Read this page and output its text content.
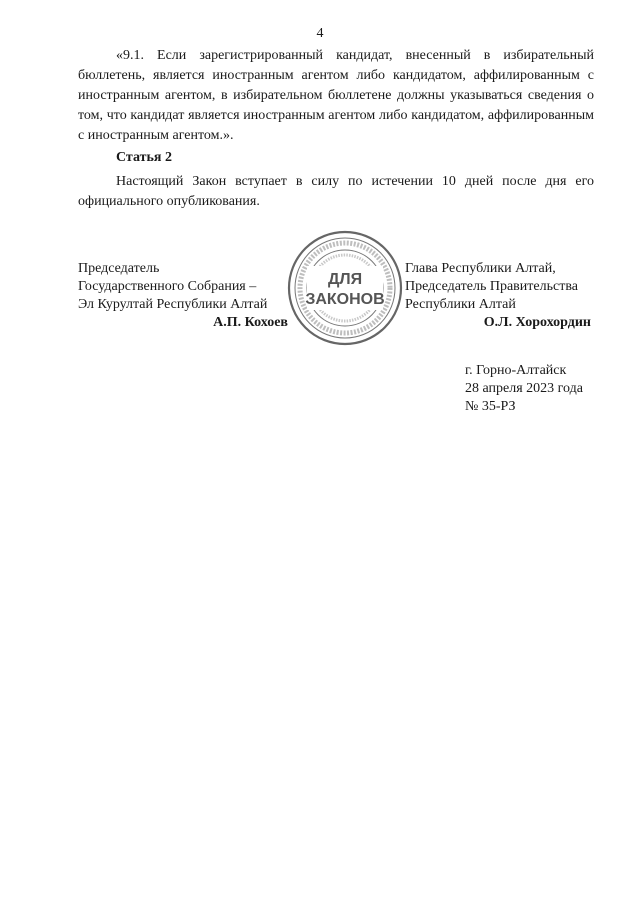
4

«9.1. Если зарегистрированный кандидат, внесенный в избирательный бюллетень, является иностранным агентом либо кандидатом, аффилированным с иностранным агентом, в избирательном бюллетене должны указываться сведения о том, что кандидат является иностранным агентом либо кандидатом, аффилированным с иностранным агентом.».

Статья 2

Настоящий Закон вступает в силу по истечении 10 дней после дня его официального опубликования.

Председатель
Государственного Собрания –
Эл Курултай Республики Алтай
А.П. Кохоев
ДЛЯ
ЗАКОНОВ
Глава Республики Алтай,
Председатель Правительства
Республики Алтай
О.Л. Хорохордин
г. Горно-Алтайск
28 апреля 2023 года
№ 35-РЗ
